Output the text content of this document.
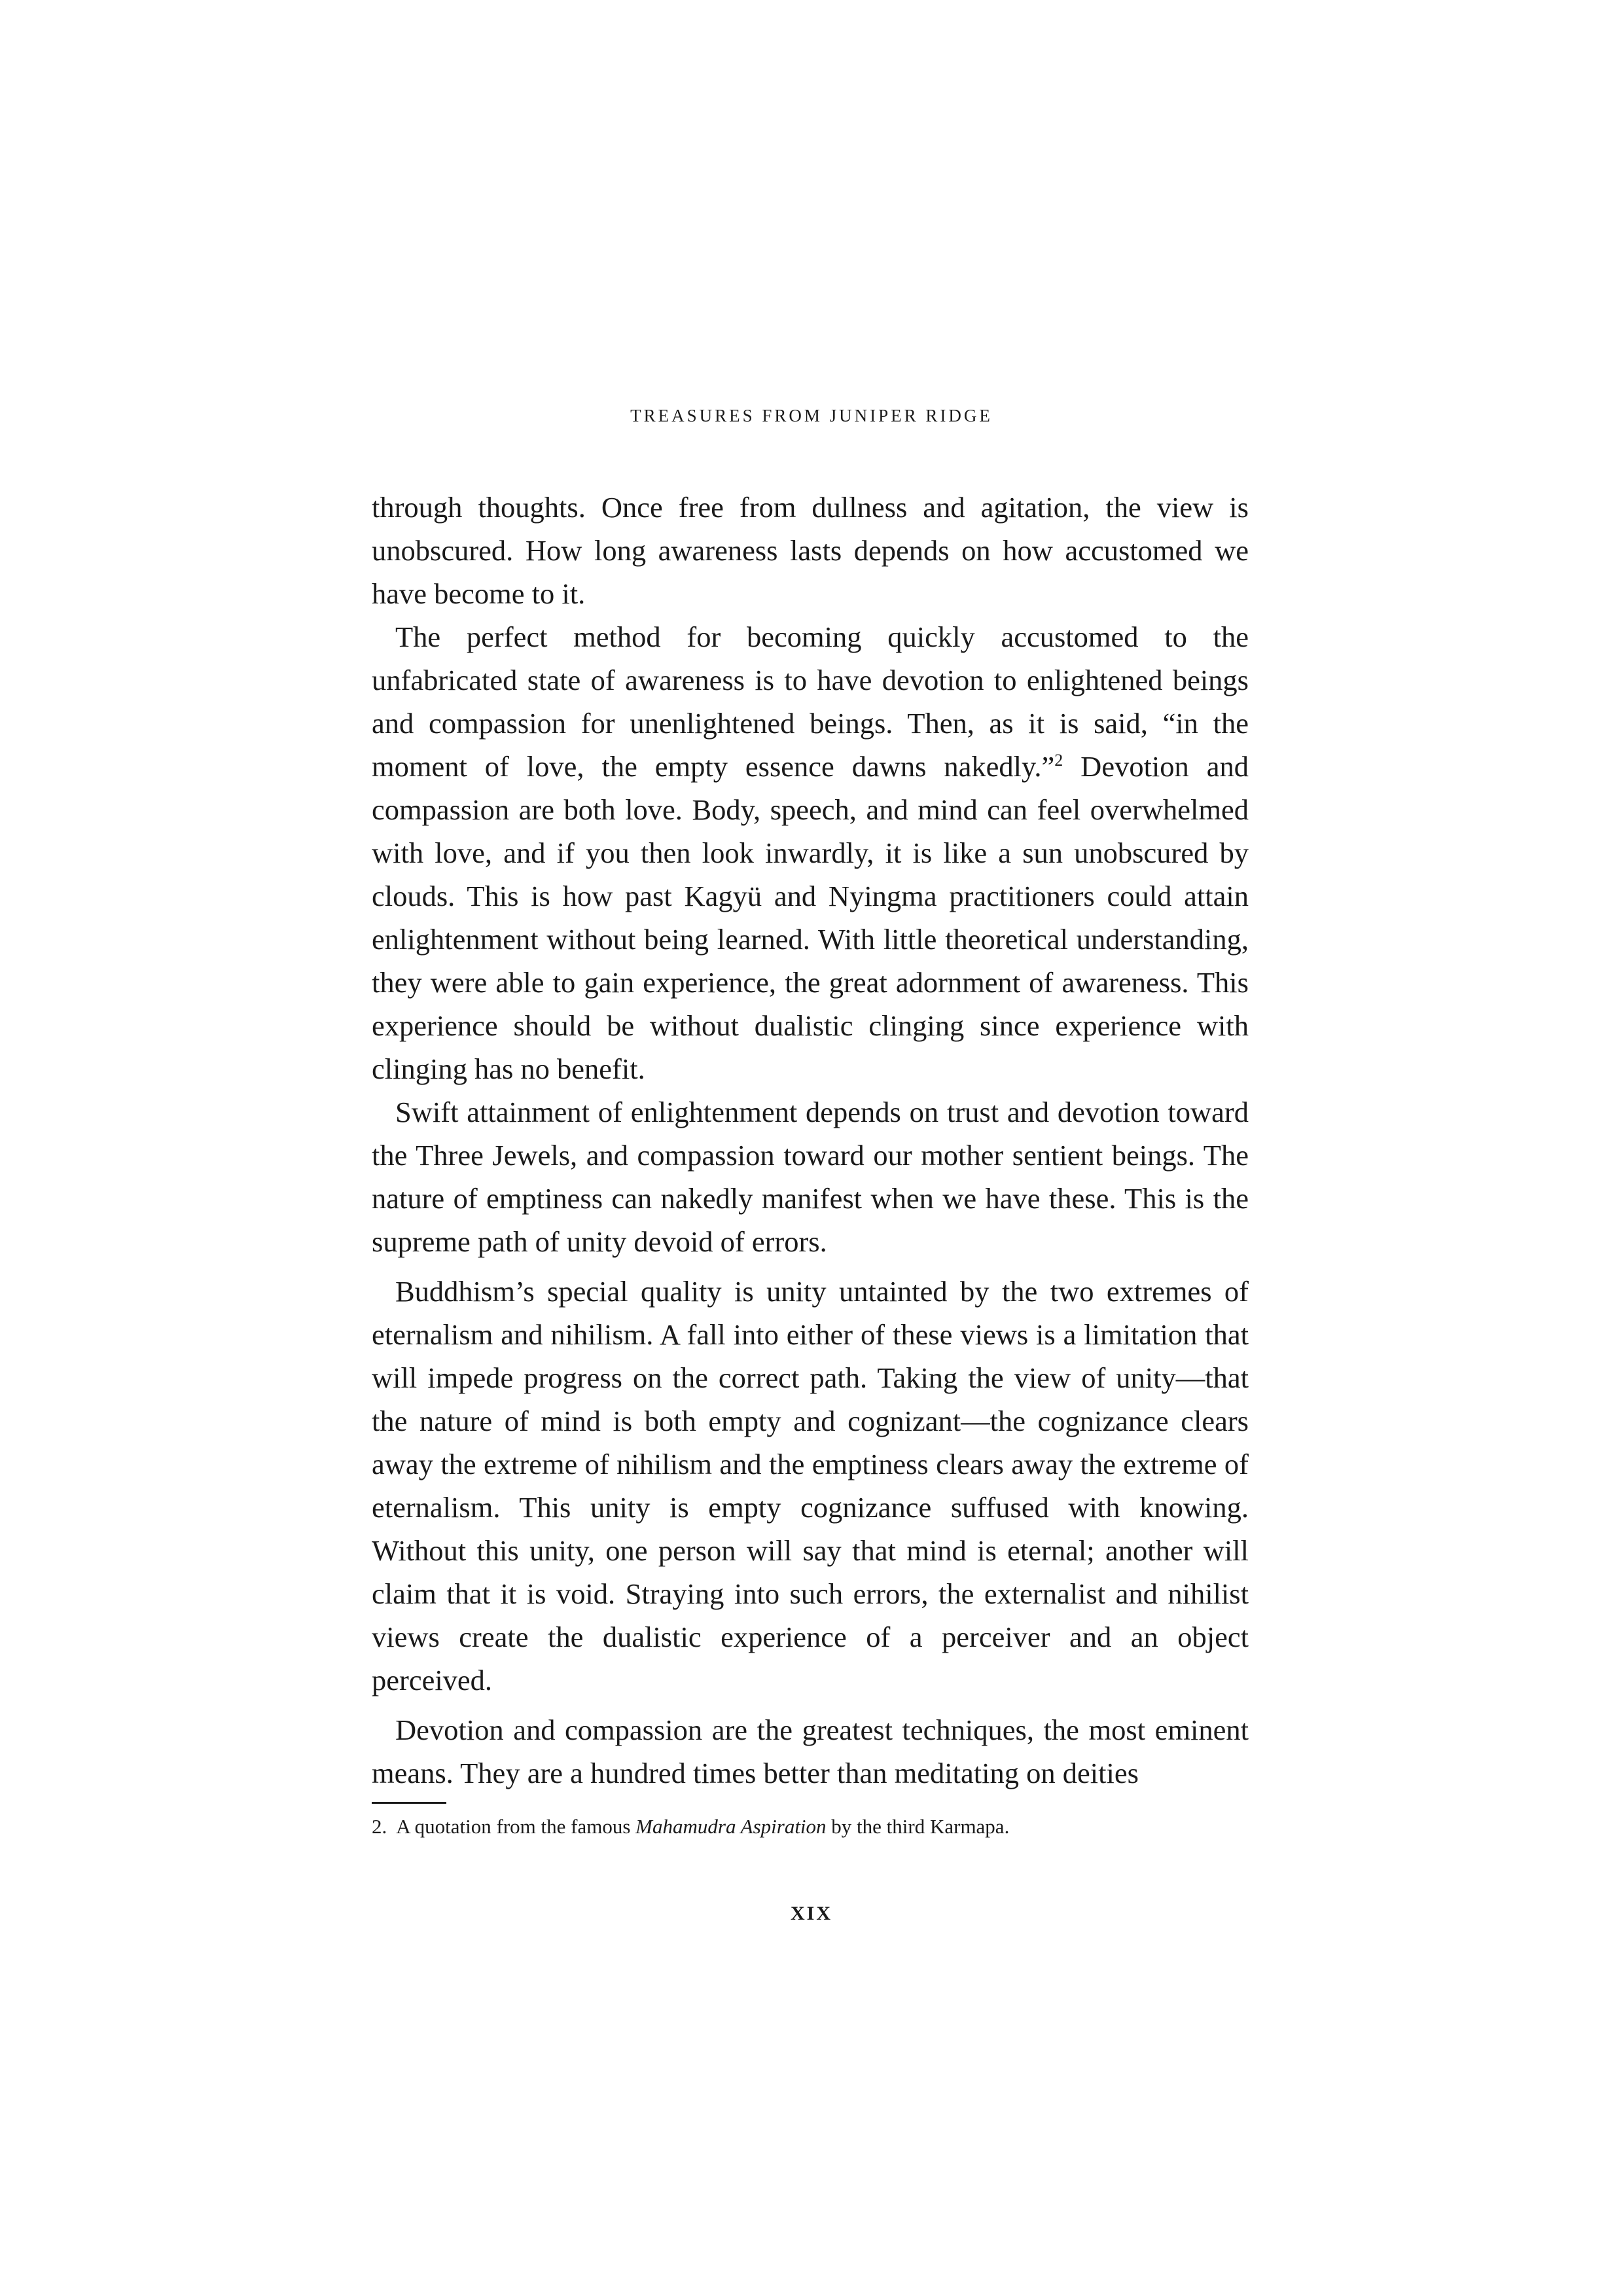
TREASURES FROM JUNIPER RIDGE

through thoughts. Once free from dullness and agitation, the view is unobscured. How long awareness lasts depends on how accustomed we have become to it.

The perfect method for becoming quickly accustomed to the unfabricated state of awareness is to have devotion to enlightened beings and compassion for unenlightened beings. Then, as it is said, “in the moment of love, the empty essence dawns nakedly.”$^2$ Devotion and compassion are both love. Body, speech, and mind can feel overwhelmed with love, and if you then look inwardly, it is like a sun unobscured by clouds. This is how past Kagyü and Nyingma practitioners could attain enlightenment without being learned. With little theoretical understanding, they were able to gain experience, the great adornment of awareness. This experience should be without dualistic clinging since experience with clinging has no benefit.

Swift attainment of enlightenment depends on trust and devotion toward the Three Jewels, and compassion toward our mother sentient beings. The nature of emptiness can nakedly manifest when we have these. This is the supreme path of unity devoid of errors.

Buddhism’s special quality is unity untainted by the two extremes of eternalism and nihilism. A fall into either of these views is a limitation that will impede progress on the correct path. Taking the view of unity—that the nature of mind is both empty and cognizant—the cognizance clears away the extreme of nihilism and the emptiness clears away the extreme of eternalism. This unity is empty cognizance suffused with knowing. Without this unity, one person will say that mind is eternal; another will claim that it is void. Straying into such errors, the externalist and nihilist views create the dualistic experience of a perceiver and an object perceived.

Devotion and compassion are the greatest techniques, the most eminent means. They are a hundred times better than meditating on deities

2. A quotation from the famous Mahamudra Aspiration by the third Karmapa.
XIX
